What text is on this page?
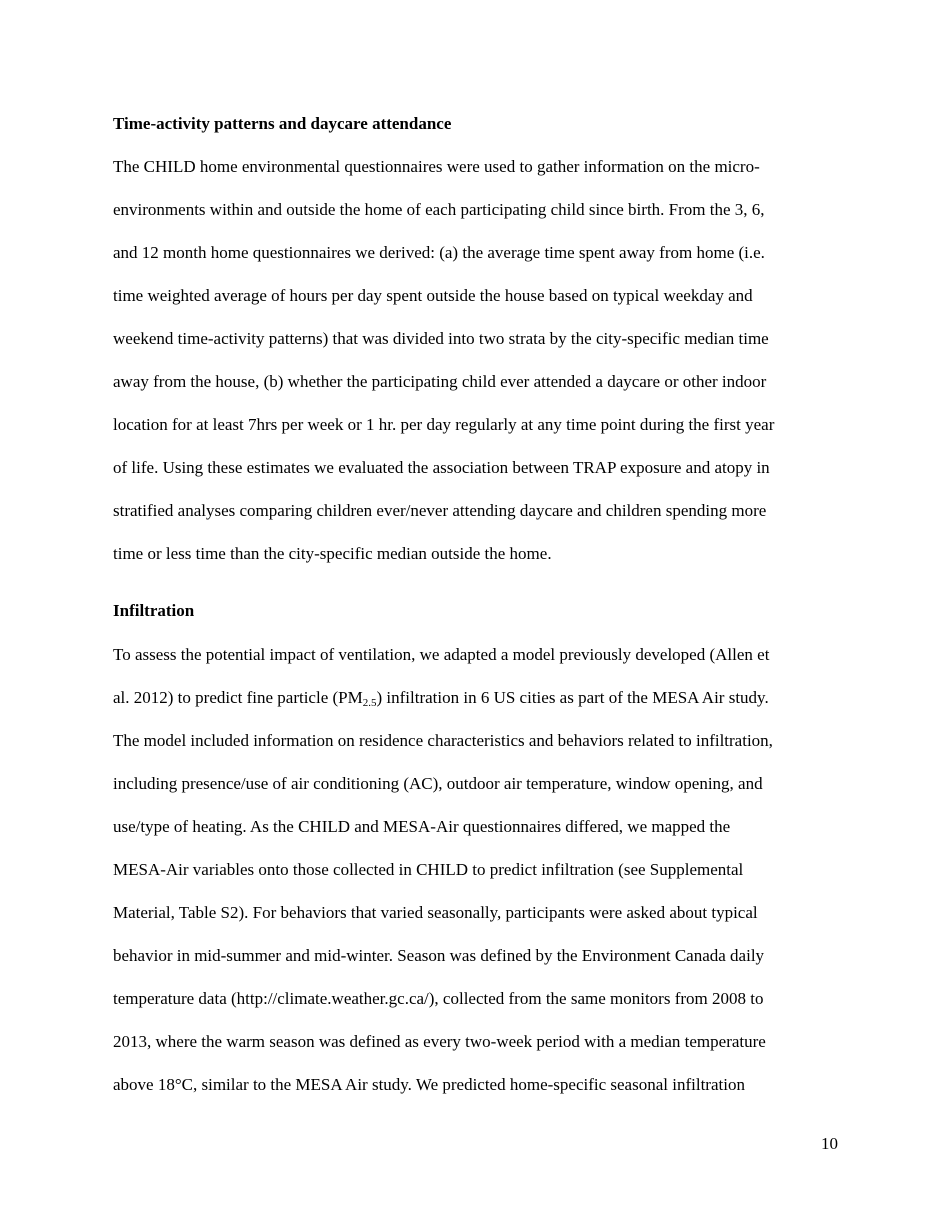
Time-activity patterns and daycare attendance
The CHILD home environmental questionnaires were used to gather information on the micro-
environments within and outside the home of each participating child since birth. From the 3, 6,
and 12 month home questionnaires we derived: (a) the average time spent away from home (i.e.
time weighted average of hours per day spent outside the house based on typical weekday and
weekend time-activity patterns) that was divided into two strata by the city-specific median time
away from the house, (b) whether the participating child ever attended a daycare or other indoor
location for at least 7hrs per week or 1 hr. per day regularly at any time point during the first year
of life. Using these estimates we evaluated the association between TRAP exposure and atopy in
stratified analyses comparing children ever/never attending daycare and children spending more
time or less time than the city-specific median outside the home.
Infiltration
To assess the potential impact of ventilation, we adapted a model previously developed (Allen et
al. 2012) to predict fine particle $(PM_{2.5})$ infiltration in 6 US cities as part of the MESA Air study.
The model included information on residence characteristics and behaviors related to infiltration,
including presence/use of air conditioning (AC), outdoor air temperature, window opening, and
use/type of heating. As the CHILD and MESA-Air questionnaires differed, we mapped the
MESA-Air variables onto those collected in CHILD to predict infiltration (see Supplemental
Material, Table S2). For behaviors that varied seasonally, participants were asked about typical
behavior in mid-summer and mid-winter. Season was defined by the Environment Canada daily
temperature data (http://climate.weather.gc.ca/), collected from the same monitors from 2008 to
2013, where the warm season was defined as every two-week period with a median temperature
above 18°C, similar to the MESA Air study. We predicted home-specific seasonal infiltration
10
